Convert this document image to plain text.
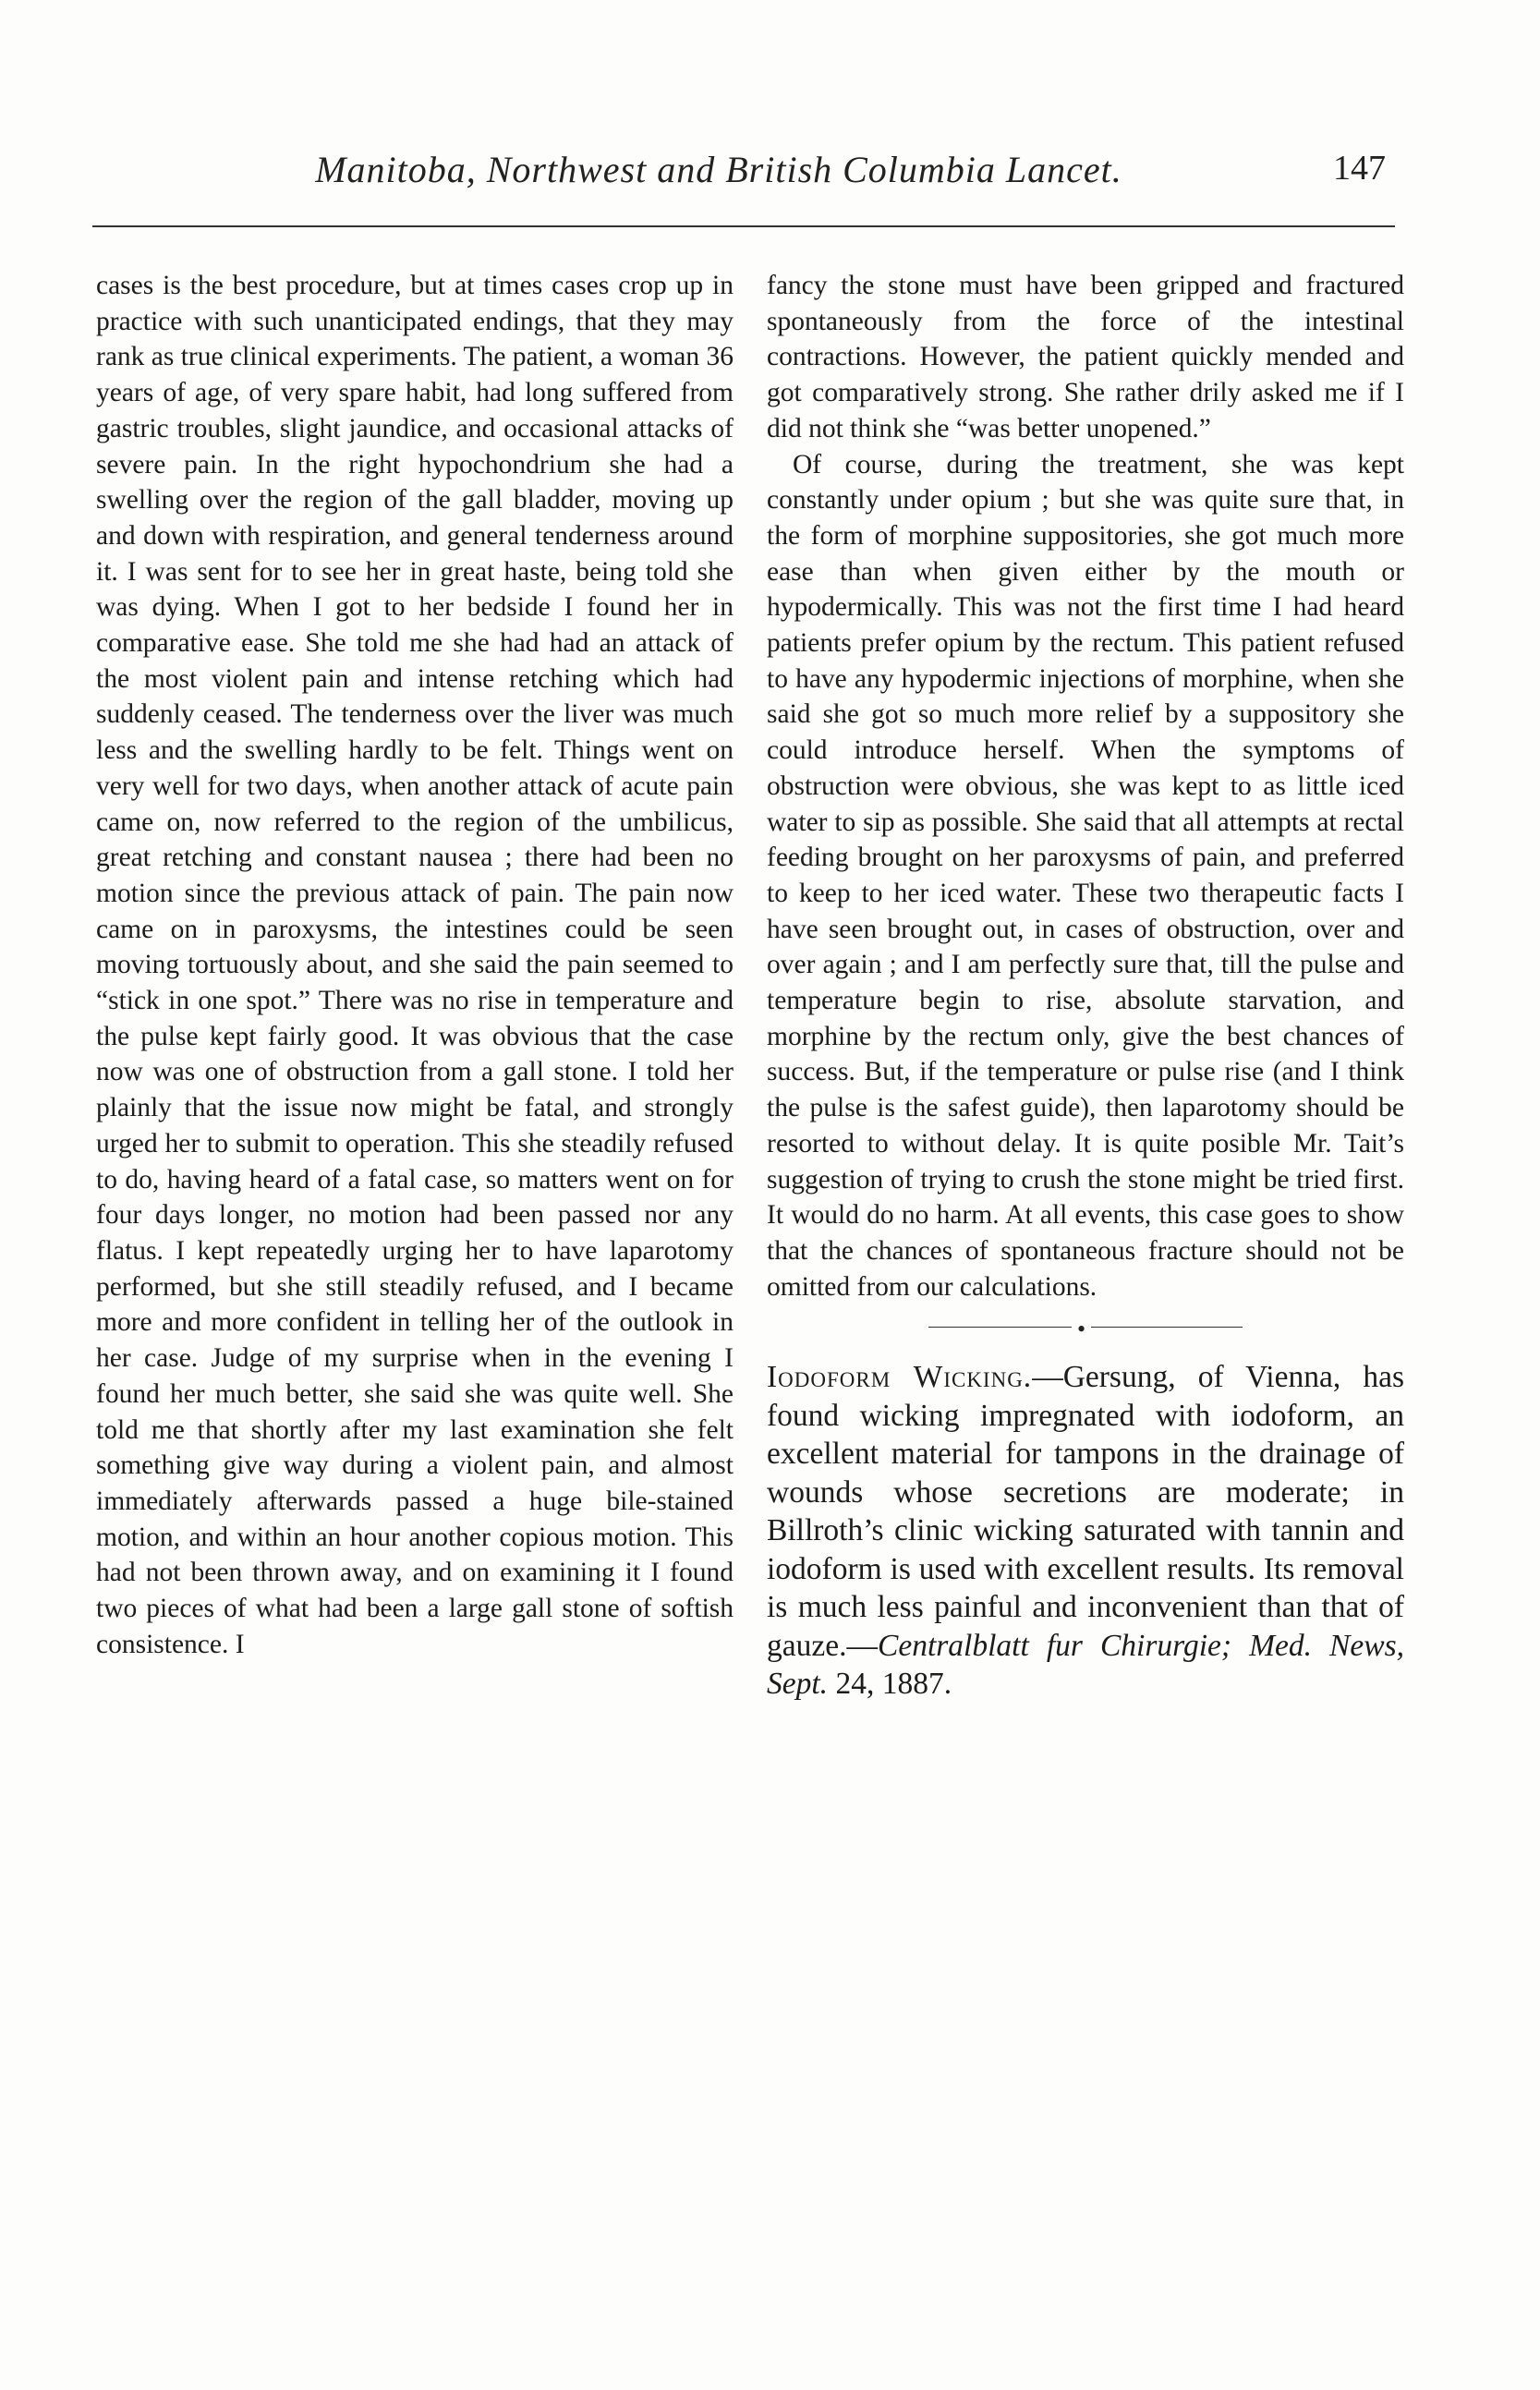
Manitoba, Northwest and British Columbia Lancet.	147

cases is the best procedure, but at times cases crop up in practice with such unanticipated endings, that they may rank as true clinical experiments. The patient, a woman 36 years of age, of very spare habit, had long suffered from gastric troubles, slight jaundice, and occasional attacks of severe pain. In the right hypochondrium she had a swelling over the region of the gall bladder, moving up and down with respiration, and general tenderness around it. I was sent for to see her in great haste, being told she was dying. When I got to her bedside I found her in comparative ease. She told me she had had an attack of the most violent pain and intense retching which had suddenly ceased. The tenderness over the liver was much less and the swelling hardly to be felt. Things went on very well for two days, when another attack of acute pain came on, now referred to the region of the umbilicus, great retching and constant nausea ; there had been no motion since the previous attack of pain. The pain now came on in paroxysms, the intestines could be seen moving tortuously about, and she said the pain seemed to “stick in one spot.” There was no rise in temperature and the pulse kept fairly good. It was obvious that the case now was one of obstruction from a gall stone. I told her plainly that the issue now might be fatal, and strongly urged her to submit to operation. This she steadily refused to do, having heard of a fatal case, so matters went on for four days longer, no motion had been passed nor any flatus. I kept repeatedly urging her to have laparotomy performed, but she still steadily refused, and I became more and more confident in telling her of the outlook in her case. Judge of my surprise when in the evening I found her much better, she said she was quite well. She told me that shortly after my last examination she felt something give way during a violent pain, and almost immediately afterwards passed a huge bile-stained motion, and within an hour another copious motion. This had not been thrown away, and on examining it I found two pieces of what had been a large gall stone of softish consistence. I

fancy the stone must have been gripped and fractured spontaneously from the force of the intestinal contractions. However, the patient quickly mended and got comparatively strong. She rather drily asked me if I did not think she “was better unopened.”

Of course, during the treatment, she was kept constantly under opium ; but she was quite sure that, in the form of morphine suppositories, she got much more ease than when given either by the mouth or hypodermically. This was not the first time I had heard patients prefer opium by the rectum. This patient refused to have any hypodermic injections of morphine, when she said she got so much more relief by a suppository she could introduce herself. When the symptoms of obstruction were obvious, she was kept to as little iced water to sip as possible. She said that all attempts at rectal feeding brought on her paroxysms of pain, and preferred to keep to her iced water. These two therapeutic facts I have seen brought out, in cases of obstruction, over and over again ; and I am perfectly sure that, till the pulse and temperature begin to rise, absolute starvation, and morphine by the rectum only, give the best chances of success. But, if the temperature or pulse rise (and I think the pulse is the safest guide), then laparotomy should be resorted to without delay. It is quite posible Mr. Tait’s suggestion of trying to crush the stone might be tried first. It would do no harm. At all events, this case goes to show that the chances of spontaneous fracture should not be omitted from our calculations.

•
Iodoform Wicking.—Gersung, of Vienna, has found wicking impregnated with iodoform, an excellent material for tampons in the drainage of wounds whose secretions are moderate; in Billroth’s clinic wicking saturated with tannin and iodoform is used with excellent results. Its removal is much less painful and inconvenient than that of gauze.—Centralblatt fur Chirurgie; Med. News, Sept. 24, 1887.
